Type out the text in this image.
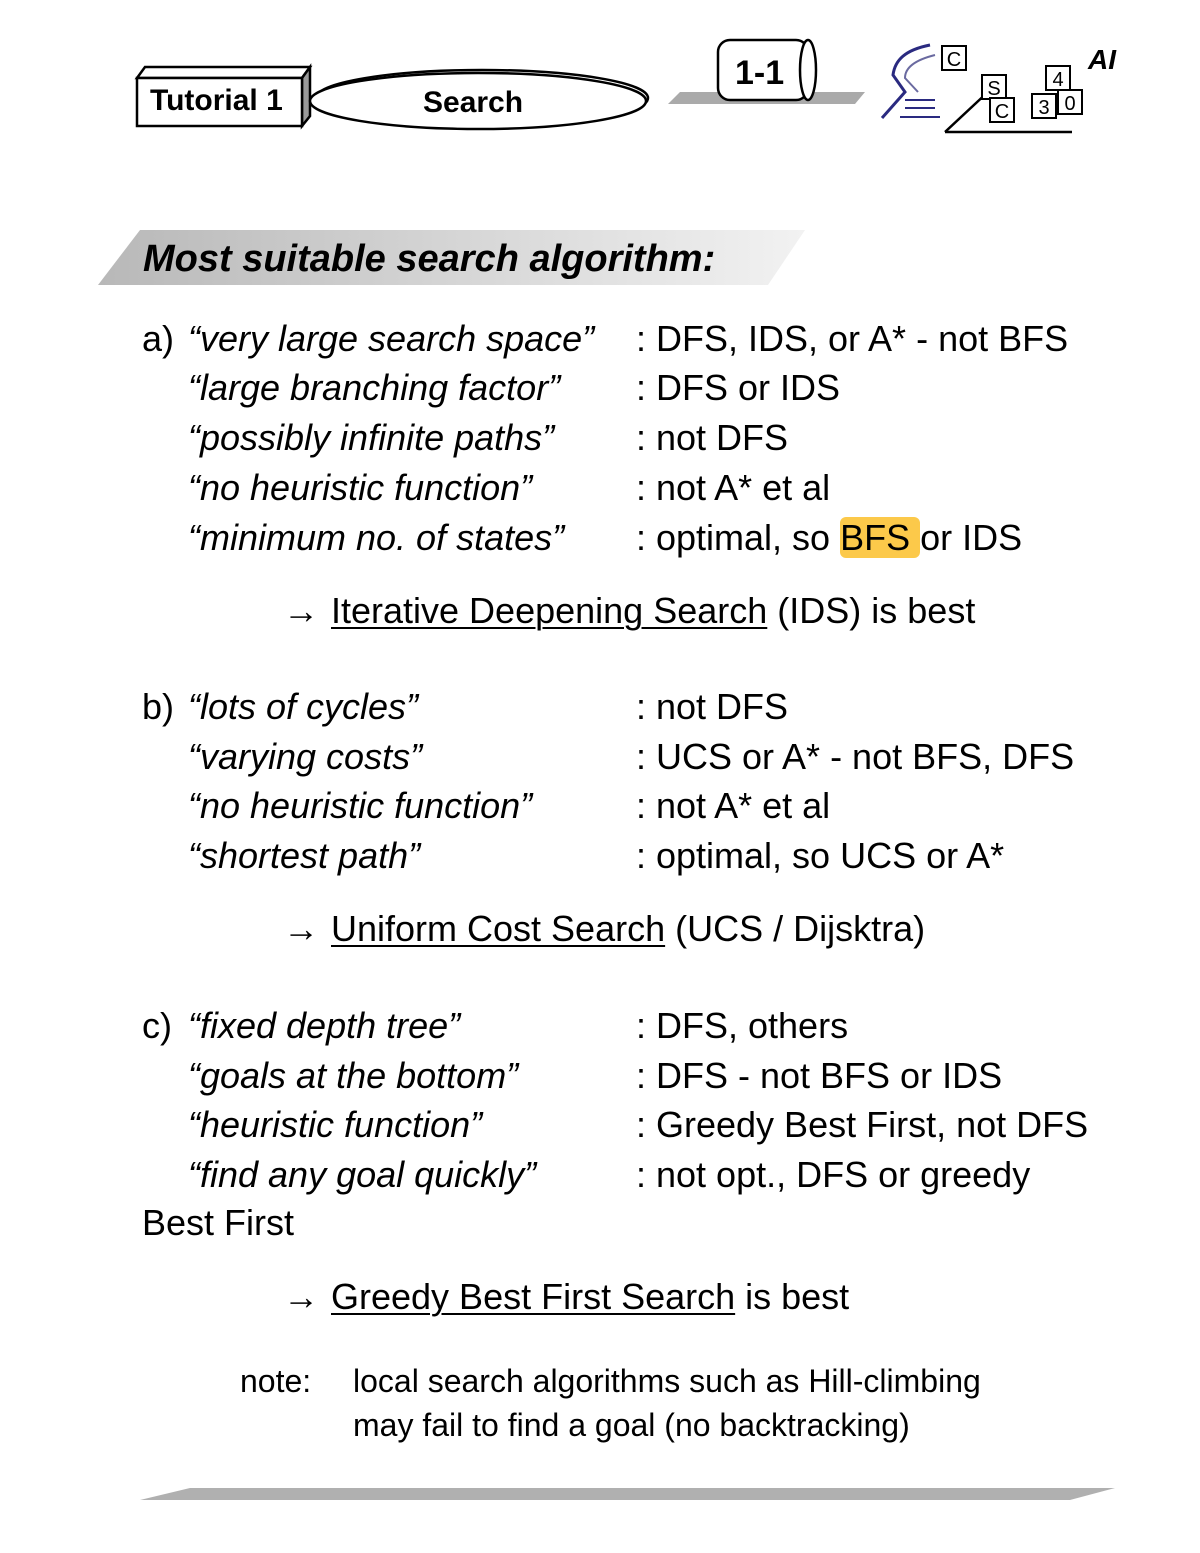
C
S
C
4
3 0
Tutorial 1	Search
1-1	AI
Most suitable search algorithm:
a) “very large search space” : DFS, IDS, or A* - not BFS
“large branching factor” : DFS or IDS
“possibly infinite paths” : not DFS
“no heuristic function”	: not A* et al
“minimum no. of states” : optimal, so BFS or IDS
→ Iterative Deepening Search (IDS) is best
b) “lots of cycles”	: not DFS
“varying costs”	: UCS or A* - not BFS, DFS
“no heuristic function”	: not A* et al
“shortest path”	: optimal, so UCS or A*
→ Uniform Cost Search (UCS / Dijsktra)
c) “fixed depth tree”	: DFS, others
“goals at the bottom”	: DFS - not BFS or IDS
“heuristic function”	: Greedy Best First, not DFS
“find any goal quickly”	: not opt., DFS or greedy
Best First
→ Greedy Best First Search is best
note: local search algorithms such as Hill-climbing
may fail to find a goal (no backtracking)
